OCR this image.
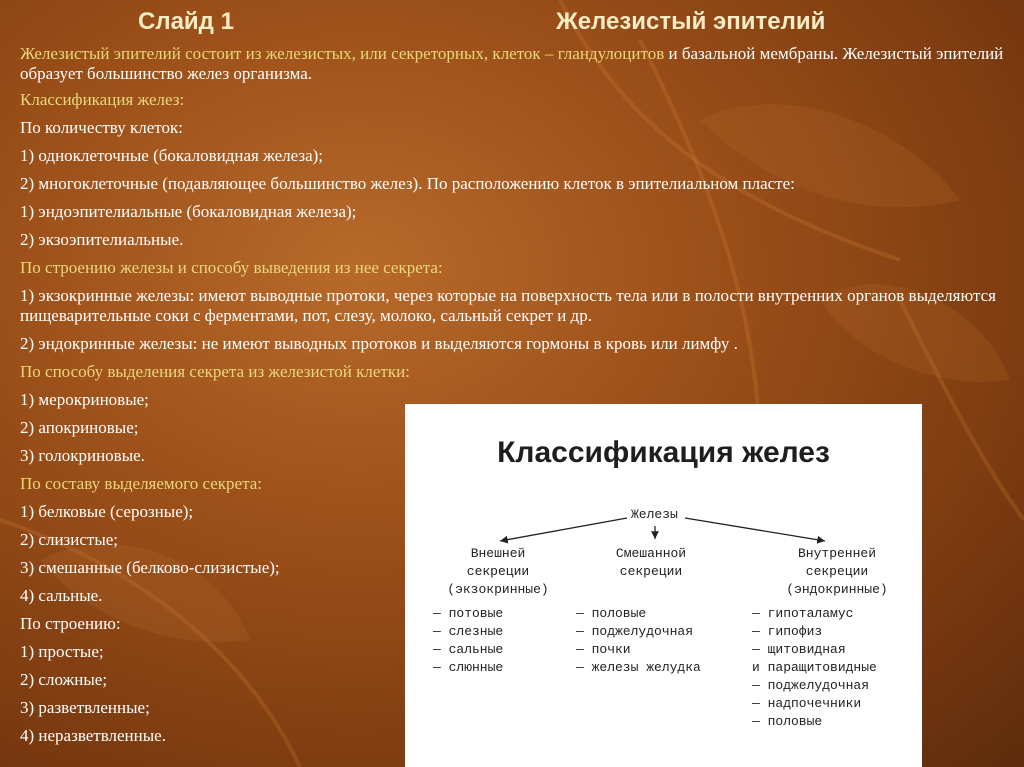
Слайд 1	Железистый эпителий

Железистый эпителий состоит из железистых, или секреторных, клеток – гландулоцитов и базальной мембраны. Железистый эпителий образует большинство желез организма.

Классификация желез:

По количеству клеток:

1) одноклеточные (бокаловидная железа);

2) многоклеточные (подавляющее большинство желез). По расположению клеток в эпителиальном пласте:

1) эндоэпителиальные (бокаловидная железа);

2) экзоэпителиальные.

По строению железы и способу выведения из нее секрета:

1) экзокринные железы: имеют выводные протоки, через которые на поверхность тела или в полости внутренних органов выделяются пищеварительные соки с ферментами, пот, слезу, молоко, сальный секрет и др.

2) эндокринные железы: не имеют выводных протоков и выделяются гормоны в кровь или лимфу .

По способу выделения секрета из железистой клетки:

1) мерокриновые;

2) апокриновые;

3) голокриновые.

По составу выделяемого секрета:

1) белковые (серозные);

2) слизистые;

3) смешанные (белково-слизистые);

4) сальные.

По строению:

1) простые;

2) сложные;

3) разветвленные;

4) неразветвленные.

Классификация желез
Железы
Внешней
секреции
(экзокринные)
— потовые
— слезные
— сальные
— слюнные
Смешанной
секреции

— половые
— поджелудочная
— почки
— железы желудка
Внутренней
секреции
(эндокринные)
— гипоталамус
— гипофиз
— щитовидная
и паращитовидные
— поджелудочная
— надпочечники
— половые
